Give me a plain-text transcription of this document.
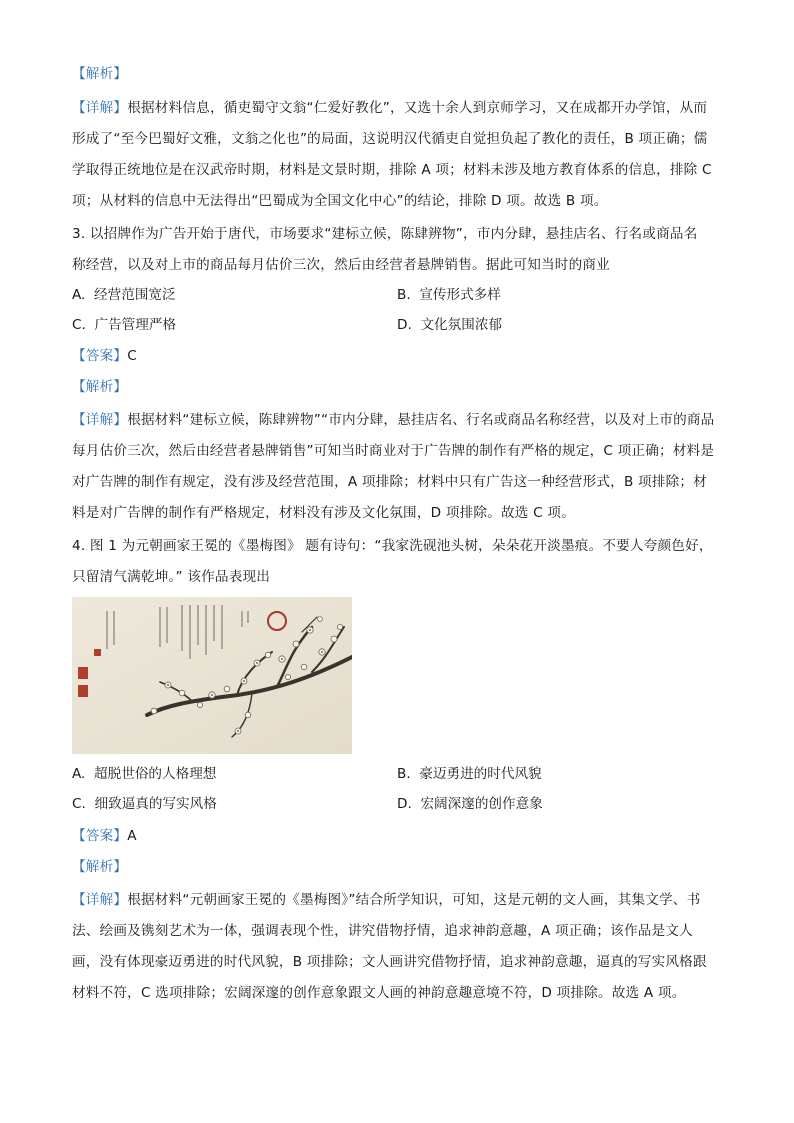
【解析】
【详解】根据材料信息，循吏蜀守文翁“仁爱好教化”，又选十余人到京师学习，又在成都开办学馆，从而
形成了“至今巴蜀好文雅，文翁之化也”的局面，这说明汉代循吏自觉担负起了教化的责任，B 项正确；儒
学取得正统地位是在汉武帝时期，材料是文景时期，排除 A 项；材料未涉及地方教育体系的信息，排除 C
项；从材料的信息中无法得出“巴蜀成为全国文化中心”的结论，排除 D 项。故选 B 项。
3. 以招牌作为广告开始于唐代，市场要求“建标立候，陈肆辨物”，市内分肆，悬挂店名、行名或商品名
称经营，以及对上市的商品每月估价三次，然后由经营者悬牌销售。据此可知当时的商业
A. 经营范围宽泛	B. 宣传形式多样
C. 广告管理严格	D. 文化氛围浓郁
【答案】C
【解析】
【详解】根据材料“建标立候，陈肆辨物”“市内分肆，悬挂店名、行名或商品名称经营，以及对上市的商品
每月估价三次，然后由经营者悬牌销售”可知当时商业对于广告牌的制作有严格的规定，C 项正确；材料是
对广告牌的制作有规定，没有涉及经营范围，A 项排除；材料中只有广告这一种经营形式，B 项排除；材
料是对广告牌的制作有严格规定，材料没有涉及文化氛围，D 项排除。故选 C 项。
4. 图 1 为元朝画家王冕的《墨梅图》 题有诗句：“我家洗砚池头树，朵朵花开淡墨痕。不要人夸颜色好，
只留清气满乾坤。” 该作品表现出
A. 超脱世俗的人格理想	B. 豪迈勇进的时代风貌
C. 细致逼真的写实风格	D. 宏阔深邃的创作意象
【答案】A
【解析】
【详解】根据材料“元朝画家王冕的《墨梅图》”结合所学知识，可知，这是元朝的文人画，其集文学、书
法、绘画及镌刻艺术为一体，强调表现个性，讲究借物抒情，追求神韵意趣，A 项正确；该作品是文人
画，没有体现豪迈勇进的时代风貌，B 项排除；文人画讲究借物抒情，追求神韵意趣，逼真的写实风格跟
材料不符，C 选项排除；宏阔深邃的创作意象跟文人画的神韵意趣意境不符，D 项排除。故选 A 项。
